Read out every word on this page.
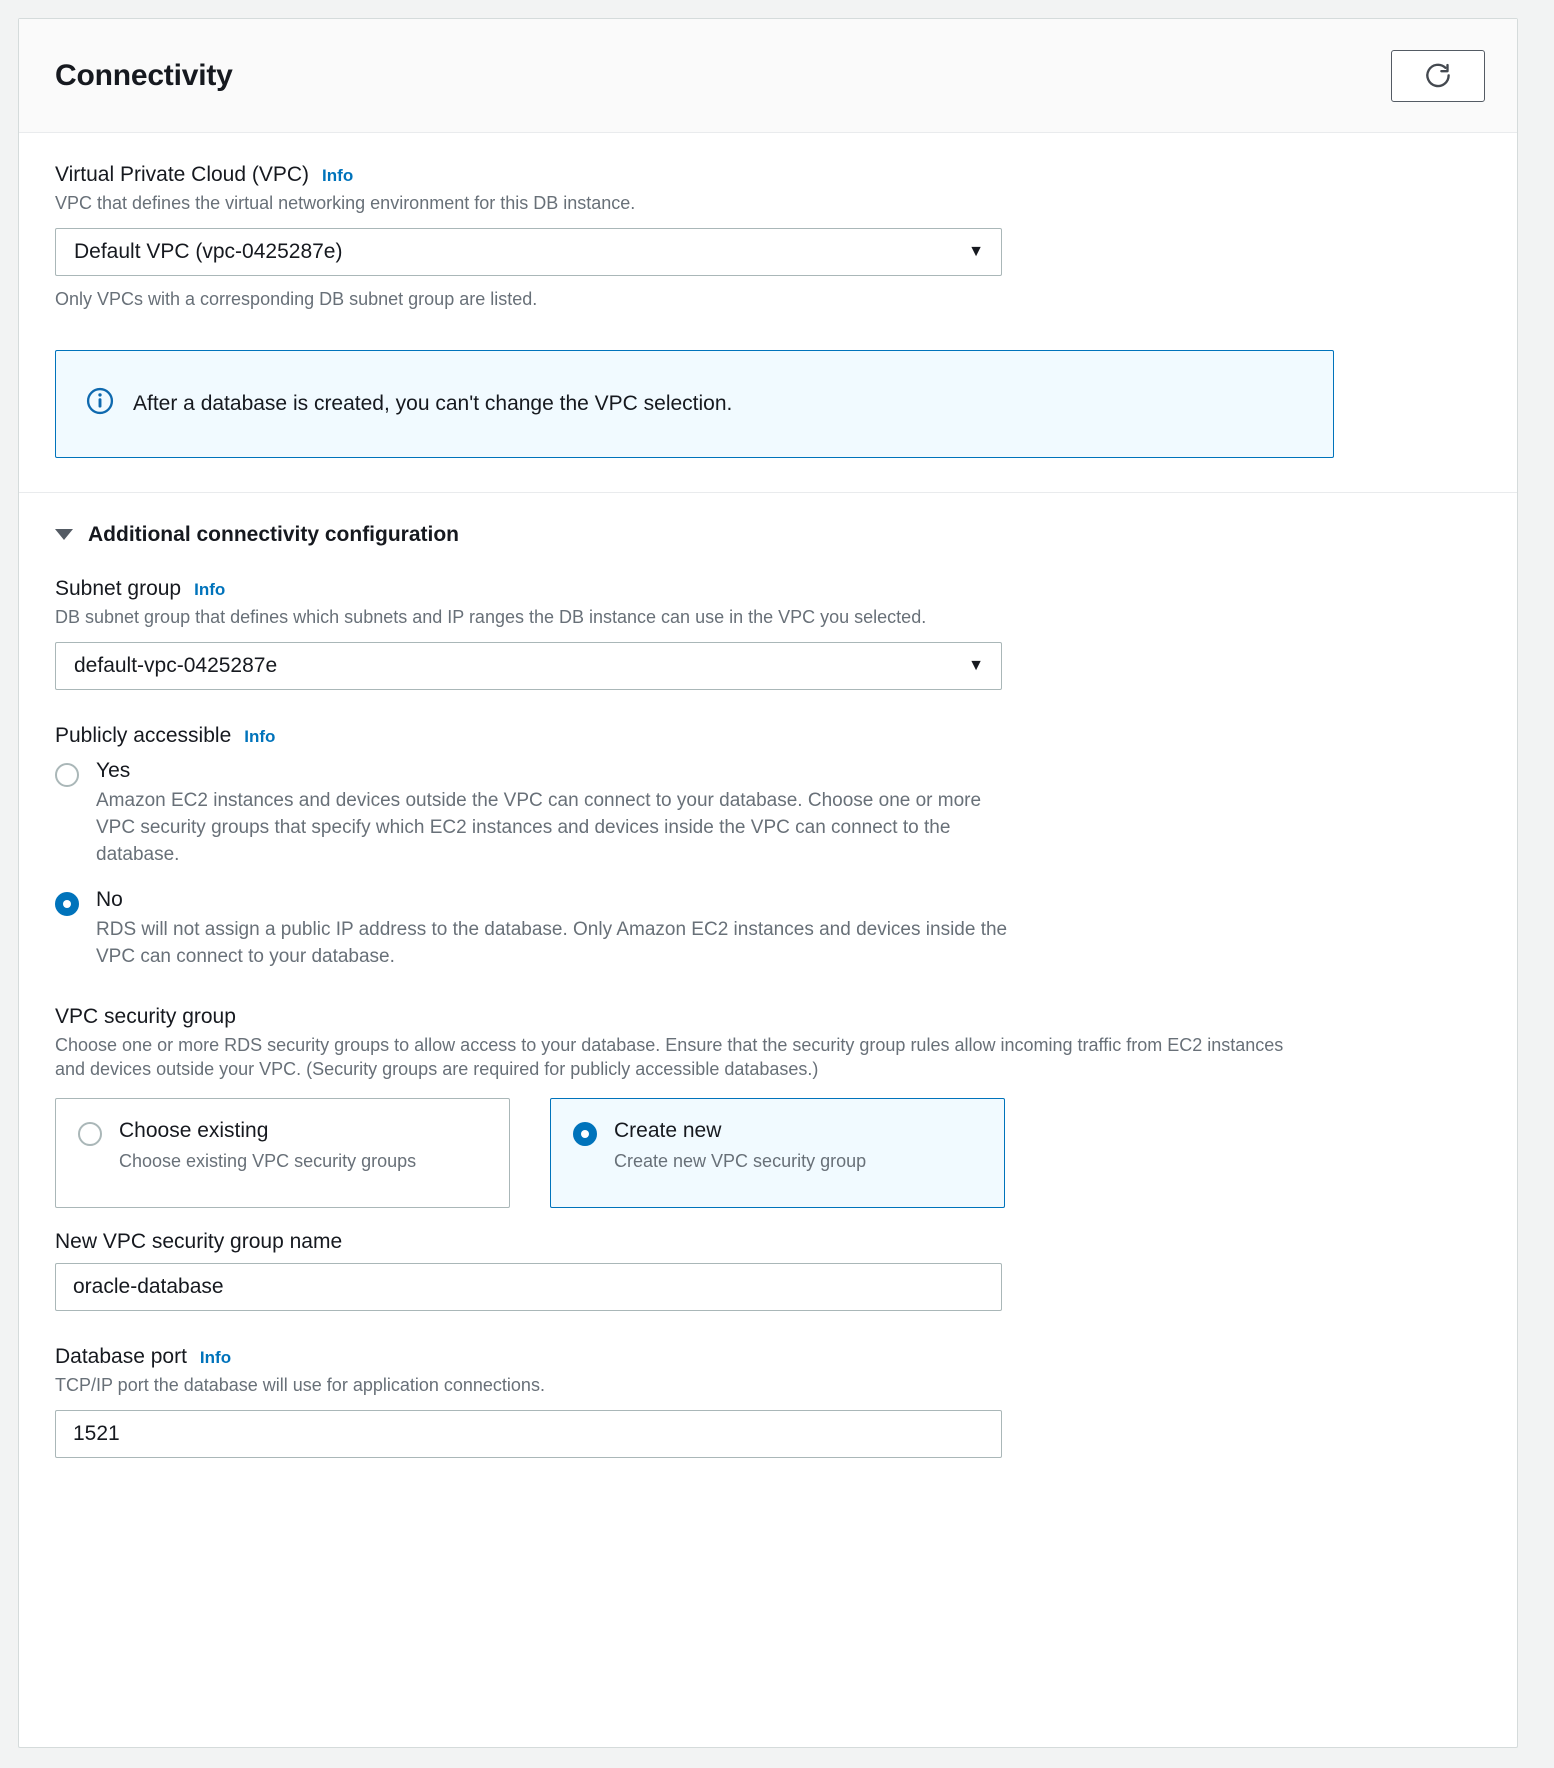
Connectivity
Virtual Private Cloud (VPC) Info

VPC that defines the virtual networking environment for this DB instance.

Default VPC (vpc-0425287e)	▼

Only VPCs with a corresponding DB subnet group are listed.

After a database is created, you can't change the VPC selection.
Additional connectivity configuration
Subnet group Info

DB subnet group that defines which subnets and IP ranges the DB instance can use in the VPC you selected.

default-vpc-0425287e	▼
Publicly accessible Info
Yes
Amazon EC2 instances and devices outside the VPC can connect to your database. Choose one or more VPC security groups that specify which EC2 instances and devices inside the VPC can connect to the database.
No
RDS will not assign a public IP address to the database. Only Amazon EC2 instances and devices inside the VPC can connect to your database.
VPC security group

Choose one or more RDS security groups to allow access to your database. Ensure that the security group rules allow incoming traffic from EC2 instances and devices outside your VPC. (Security groups are required for publicly accessible databases.)

Choose existing
Choose existing VPC security groups
Create new
Create new VPC security group
New VPC security group name
oracle-database
Database port Info

TCP/IP port the database will use for application connections.

1521
